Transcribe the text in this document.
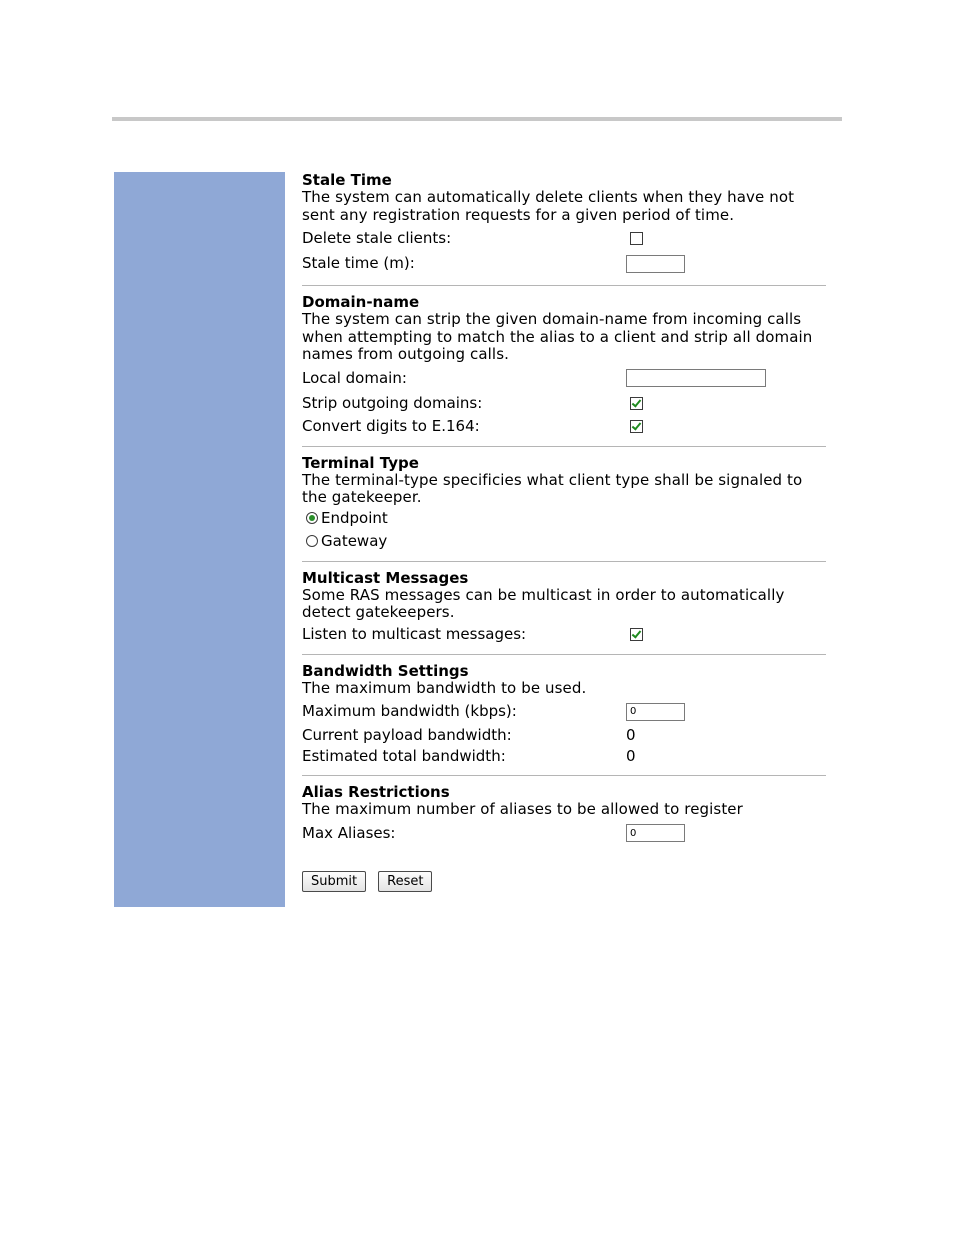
Stale Time
The system can automatically delete clients when they have not sent any registration requests for a given period of time.
Delete stale clients:
Stale time (m):
Domain-name
The system can strip the given domain-name from incoming calls when attempting to match the alias to a client and strip all domain names from outgoing calls.
Local domain:
Strip outgoing domains:
Convert digits to E.164:
Terminal Type
The terminal-type specificies what client type shall be signaled to the gatekeeper.
Endpoint
Gateway
Multicast Messages
Some RAS messages can be multicast in order to automatically detect gatekeepers.
Listen to multicast messages:
Bandwidth Settings
The maximum bandwidth to be used.
Maximum bandwidth (kbps):
0
Current payload bandwidth:	0
Estimated total bandwidth:	0
Alias Restrictions
The maximum number of aliases to be allowed to register
Max Aliases:
0
Submit	Reset
